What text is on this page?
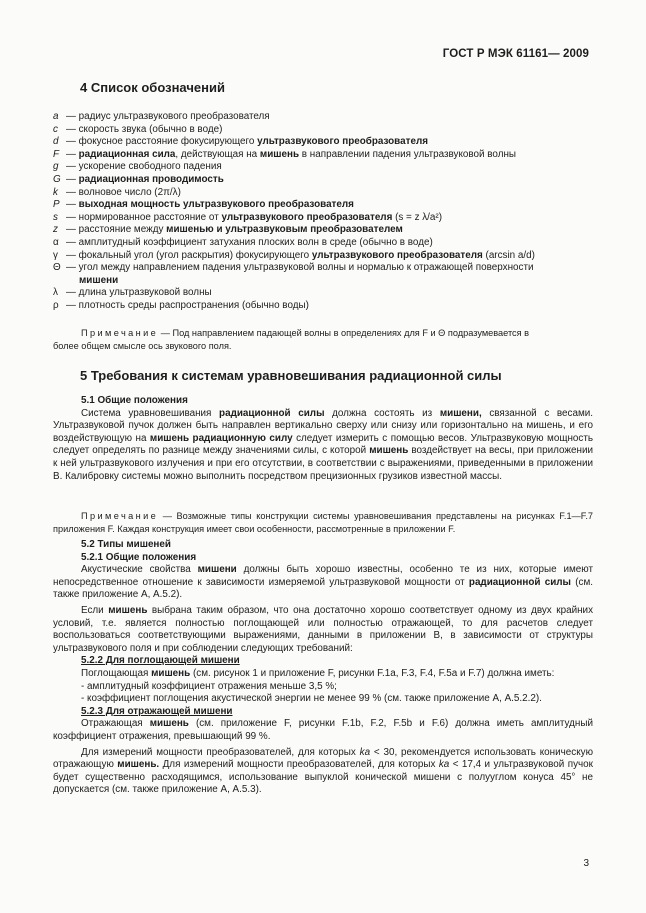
ГОСТ Р МЭК 61161— 2009
4 Список обозначений
a — радиус ультразвукового преобразователя
c — скорость звука (обычно в воде)
d — фокусное расстояние фокусирующего ультразвукового преобразователя
F — радиационная сила, действующая на мишень в направлении падения ультразвуковой волны
g — ускорение свободного падения
G — радиационная проводимость
k — волновое число (2π/λ)
P — выходная мощность ультразвукового преобразователя
s — нормированное расстояние от ультразвукового преобразователя (s = z λ/a²)
z — расстояние между мишенью и ультразвуковым преобразователем
α — амплитудный коэффициент затухания плоских волн в среде (обычно в воде)
γ — фокальный угол (угол раскрытия) фокусирующего ультразвукового преобразователя (arcsin a/d)
Θ — угол между направлением падения ультразвуковой волны и нормалью к отражающей поверхности
мишени
λ — длина ультразвуковой волны
ρ — плотность среды распространения (обычно воды)
Примечание — Под направлением падающей волны в определениях для F и Θ подразумевается в
более общем смысле ось звукового поля.
5 Требования к системам уравновешивания радиационной силы
5.1 Общие положения
Система уравновешивания радиационной силы должна состоять из мишени, связанной с весами. Ультразвуковой пучок должен быть направлен вертикально сверху или снизу или горизонтально на мишень, и его воздействующую на мишень радиационную силу следует измерить с помощью весов. Ультразвуковую мощность следует определять по разнице между значениями силы, с которой мишень воздействует на весы, при приложении к ней ультразвукового излучения и при его отсутствии, в соответствии с выражениями, приведенными в приложении В. Калибровку системы можно выполнить посредством прецизионных грузиков известной массы.
Примечание — Возможные типы конструкции системы уравновешивания представлены на рисунках F.1—F.7 приложения F. Каждая конструкция имеет свои особенности, рассмотренные в приложении F.
5.2 Типы мишеней
5.2.1 Общие положения
Акустические свойства мишени должны быть хорошо известны, особенно те из них, которые имеют непосредственное отношение к зависимости измеряемой ультразвуковой мощности от радиационной силы (см. также приложение А, А.5.2).
Если мишень выбрана таким образом, что она достаточно хорошо соответствует одному из двух крайних условий, т.е. является полностью поглощающей или полностью отражающей, то для расчетов следует воспользоваться соответствующими выражениями, данными в приложении В, в зависимости от структуры ультразвукового поля и при соблюдении следующих требований:
5.2.2 Для поглощающей мишени
Поглощающая мишень (см. рисунок 1 и приложение F, рисунки F.1а, F.3, F.4, F.5а и F.7) должна иметь:
- амплитудный коэффициент отражения меньше 3,5 %;
- коэффициент поглощения акустической энергии не менее 99 % (см. также приложение А, А.5.2.2).
5.2.3 Для отражающей мишени
Отражающая мишень (см. приложение F, рисунки F.1b, F.2, F.5b и F.6) должна иметь амплитудный коэффициент отражения, превышающий 99 %.
Для измерений мощности преобразователей, для которых ka < 30, рекомендуется использовать коническую отражающую мишень. Для измерений мощности преобразователей, для которых ka < 17,4 и ультразвуковой пучок будет существенно расходящимся, использование выпуклой конической мишени с полууглом конуса 45° не допускается (см. также приложение А, А.5.3).
3
